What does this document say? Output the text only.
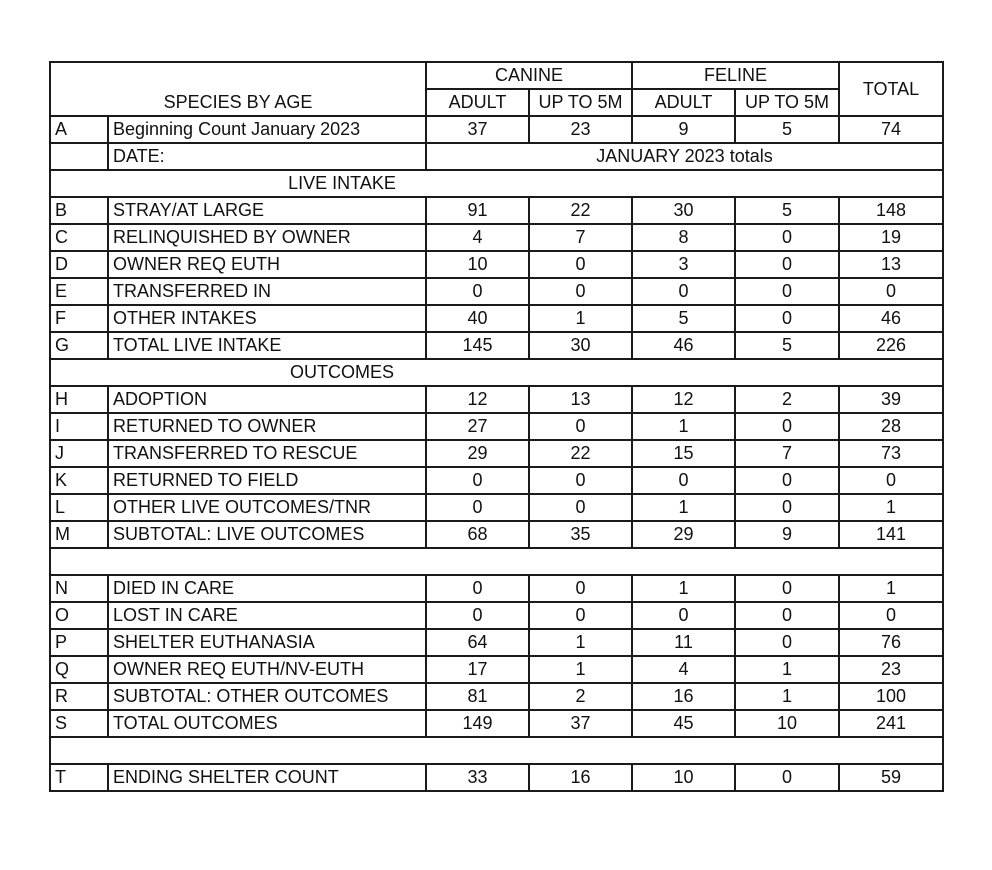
SPECIES BY AGE		CANINE		FELINE		TOTAL
		ADULT	UP TO 5M	ADULT	UP TO 5M	
A	Beginning Count January 2023	37	23	9	5	74
	DATE:	JANUARY 2023 totals				

LIVE INTAKE						

B	STRAY/AT LARGE	91	22	30	5	148
C	RELINQUISHED BY OWNER	4	7	8	0	19
D	OWNER REQ EUTH	10	0	3	0	13
E	TRANSFERRED IN	0	0	0	0	0
F	OTHER INTAKES	40	1	5	0	46
G	TOTAL LIVE INTAKE	145	30	46	5	226

OUTCOMES						

H	ADOPTION	12	13	12	2	39
I	RETURNED TO OWNER	27	0	1	0	28
J	TRANSFERRED TO RESCUE	29	22	15	7	73
K	RETURNED TO FIELD	0	0	0	0	0
L	OTHER LIVE OUTCOMES/TNR	0	0	1	0	1
M	SUBTOTAL: LIVE OUTCOMES	68	35	29	9	141

N	DIED IN CARE	0	0	1	0	1
O	LOST IN CARE	0	0	0	0	0
P	SHELTER EUTHANASIA	64	1	11	0	76
Q	OWNER REQ EUTH/NV-EUTH	17	1	4	1	23
R	SUBTOTAL: OTHER OUTCOMES	81	2	16	1	100
S	TOTAL OUTCOMES	149	37	45	10	241

T	ENDING SHELTER COUNT	33	16	10	0	59
